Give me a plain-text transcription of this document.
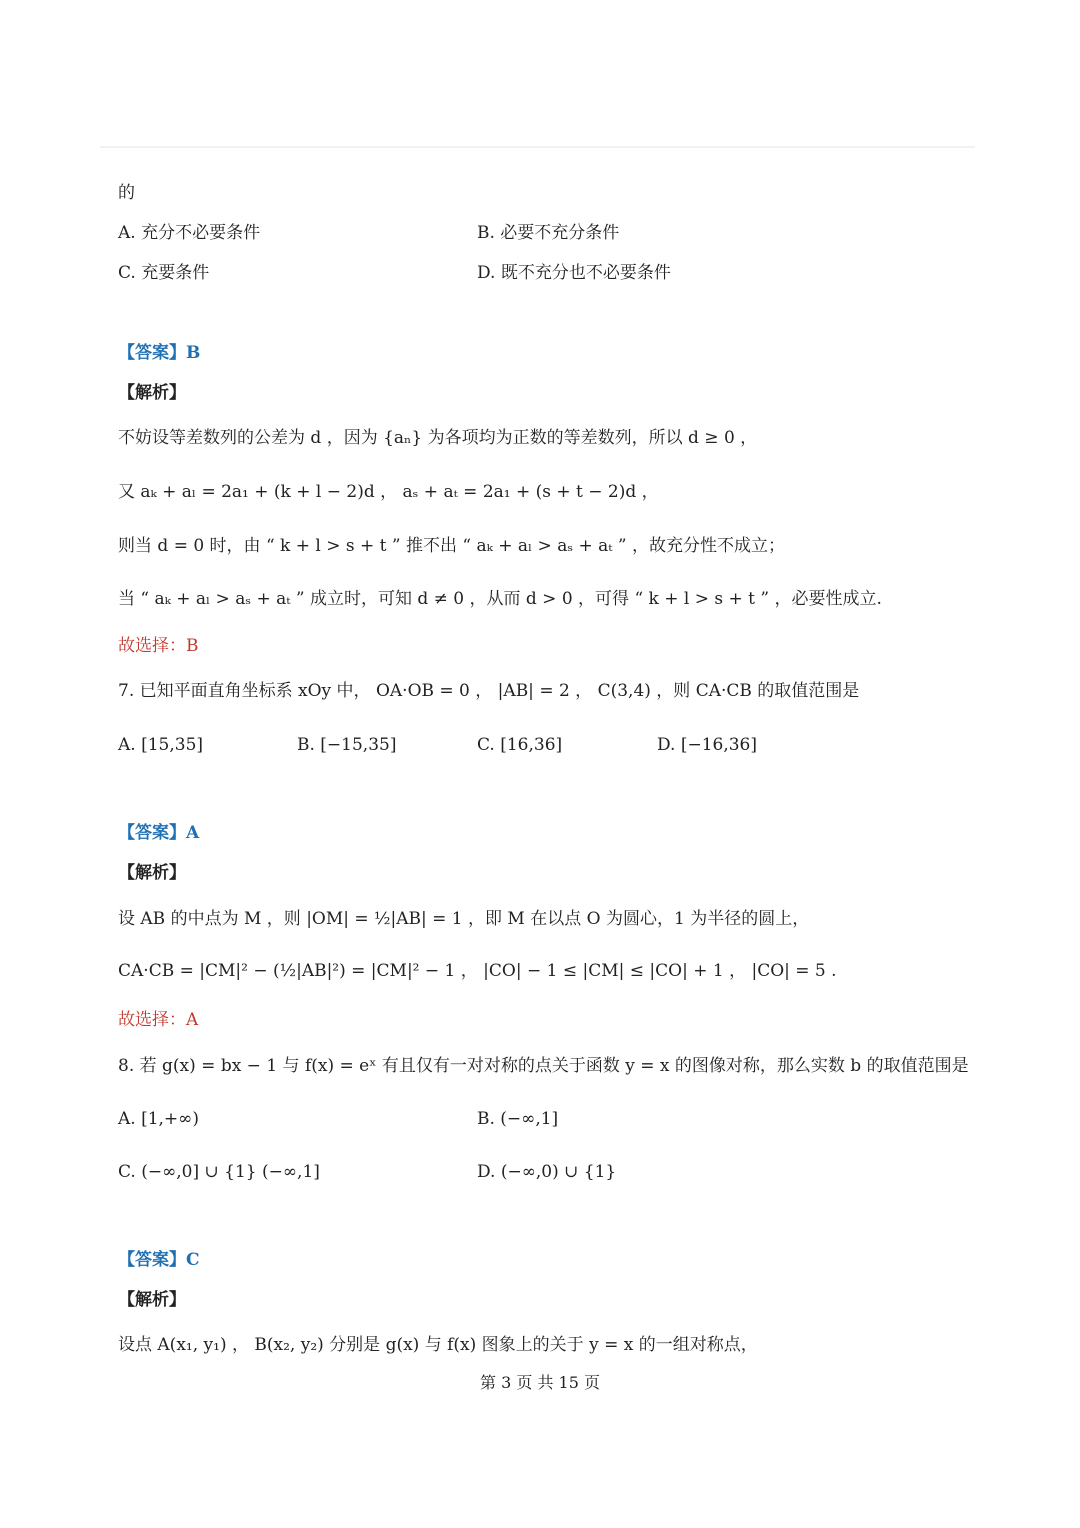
的
A. 充分不必要条件	B. 必要不充分条件
C. 充要条件	D. 既不充分也不必要条件
【答案】B
【解析】
不妨设等差数列的公差为 d ，因为 {aₙ} 为各项均为正数的等差数列，所以 d ≥ 0 ，
又 aₖ + aₗ = 2a₁ + (k + l − 2)d ， aₛ + aₜ = 2a₁ + (s + t − 2)d ，
则当 d = 0 时，由 “ k + l > s + t ” 推不出 “ aₖ + aₗ > aₛ + aₜ ” ，故充分性不成立；
当 “ aₖ + aₗ > aₛ + aₜ ” 成立时，可知 d ≠ 0 ，从而 d > 0 ，可得 “ k + l > s + t ” ，必要性成立.
故选择：B
7. 已知平面直角坐标系 xOy 中， OA·OB = 0 ， |AB| = 2 ， C(3,4) ，则 CA·CB 的取值范围是
A. [15,35]	B. [−15,35]	C. [16,36]	D. [−16,36]
【答案】A
【解析】
设 AB 的中点为 M ，则 |OM| = ½|AB| = 1 ，即 M 在以点 O 为圆心，1 为半径的圆上，
CA·CB = |CM|² − (½|AB|²) = |CM|² − 1 ， |CO| − 1 ≤ |CM| ≤ |CO| + 1 ， |CO| = 5 .
故选择：A
8. 若 g(x) = bx − 1 与 f(x) = eˣ 有且仅有一对对称的点关于函数 y = x 的图像对称，那么实数 b 的取值范围是
A. [1,+∞)	B. (−∞,1]
C. (−∞,0] ∪ {1} (−∞,1]	D. (−∞,0) ∪ {1}
【答案】C
【解析】
设点 A(x₁, y₁) ， B(x₂, y₂) 分别是 g(x) 与 f(x) 图象上的关于 y = x 的一组对称点，
第 3 页 共 15 页
